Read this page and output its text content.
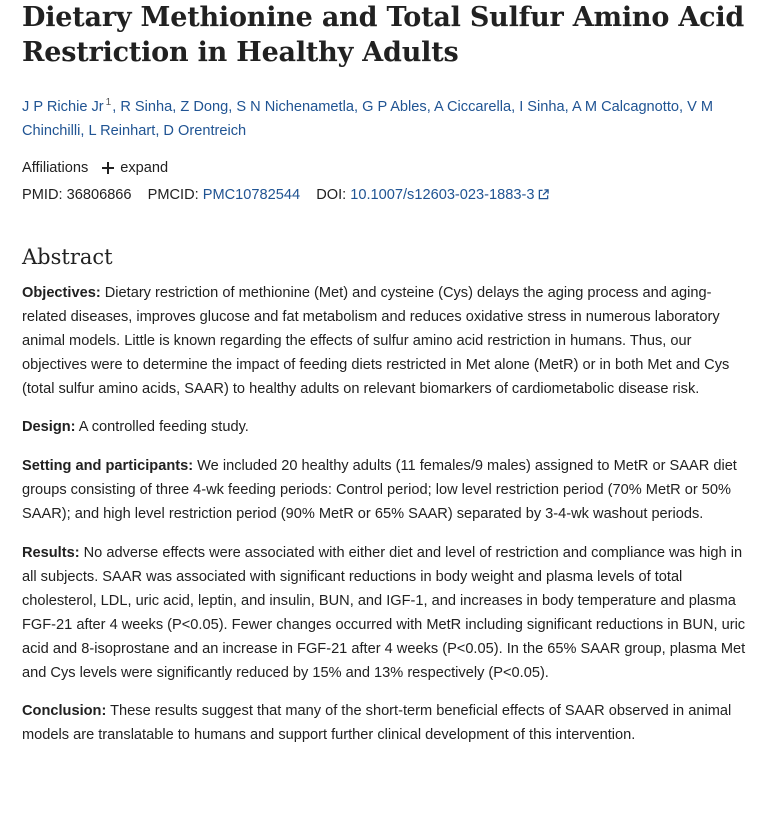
Dietary Methionine and Total Sulfur Amino Acid Restriction in Healthy Adults
J P Richie Jr $^1$, R Sinha, Z Dong, S N Nichenametla, G P Ables, A Ciccarella, I Sinha, A M Calcagnotto, V M Chinchilli, L Reinhart, D Orentreich
Affiliations expand
PMID: 36806866 PMCID: PMC10782544 DOI: 10.1007/s12603-023-1883-3
Abstract

Objectives: Dietary restriction of methionine (Met) and cysteine (Cys) delays the aging process and aging-related diseases, improves glucose and fat metabolism and reduces oxidative stress in numerous laboratory animal models. Little is known regarding the effects of sulfur amino acid restriction in humans. Thus, our objectives were to determine the impact of feeding diets restricted in Met alone (MetR) or in both Met and Cys (total sulfur amino acids, SAAR) to healthy adults on relevant biomarkers of cardiometabolic disease risk.

Design: A controlled feeding study.

Setting and participants: We included 20 healthy adults (11 females/9 males) assigned to MetR or SAAR diet groups consisting of three 4-wk feeding periods: Control period; low level restriction period (70% MetR or 50% SAAR); and high level restriction period (90% MetR or 65% SAAR) separated by 3-4-wk washout periods.

Results: No adverse effects were associated with either diet and level of restriction and compliance was high in all subjects. SAAR was associated with significant reductions in body weight and plasma levels of total cholesterol, LDL, uric acid, leptin, and insulin, BUN, and IGF-1, and increases in body temperature and plasma FGF-21 after 4 weeks (P<0.05). Fewer changes occurred with MetR including significant reductions in BUN, uric acid and 8-isoprostane and an increase in FGF-21 after 4 weeks (P<0.05). In the 65% SAAR group, plasma Met and Cys levels were significantly reduced by 15% and 13% respectively (P<0.05).

Conclusion: These results suggest that many of the short-term beneficial effects of SAAR observed in animal models are translatable to humans and support further clinical development of this intervention.
